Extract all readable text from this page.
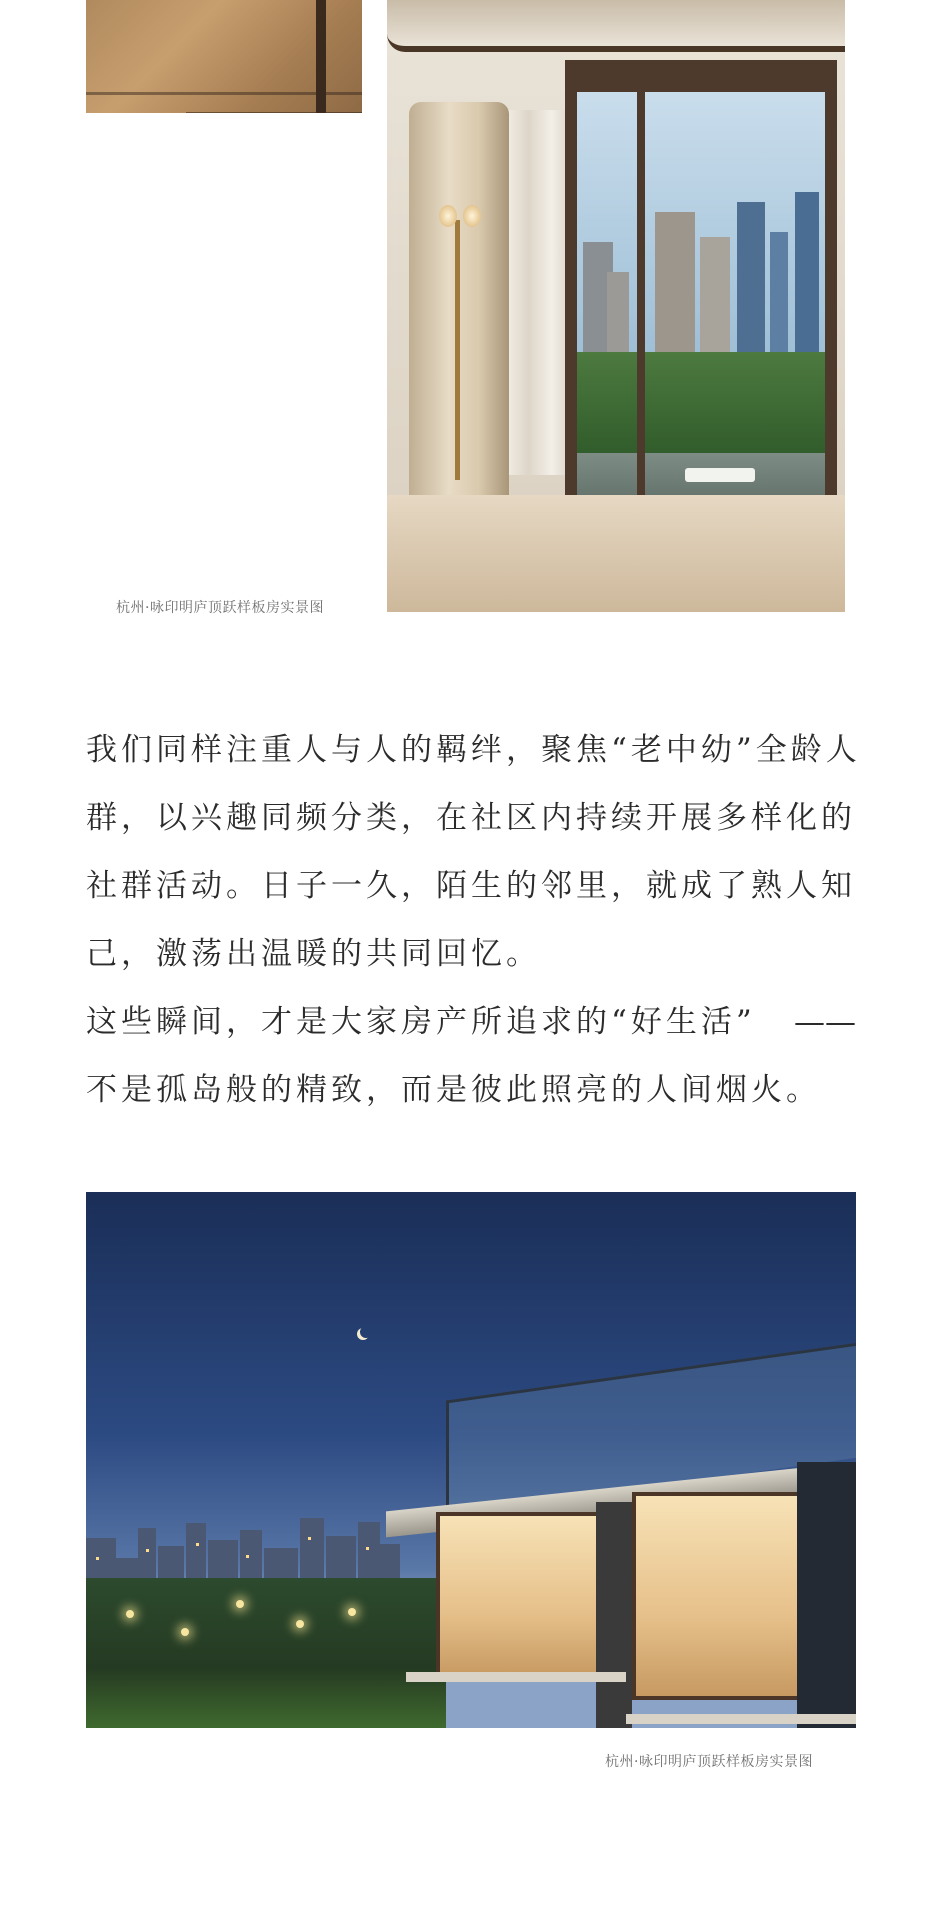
杭州·咏印明庐顶跃样板房实景图
我们同样注重人与人的羁绊，聚焦“老中幼”全龄人
群，以兴趣同频分类，在社区内持续开展多样化的
社群活动。日子一久，陌生的邻里，就成了熟人知
己，激荡出温暖的共同回忆。
这些瞬间，才是大家房产所追求的“好生活” ——
不是孤岛般的精致，而是彼此照亮的人间烟火。
杭州·咏印明庐顶跃样板房实景图
